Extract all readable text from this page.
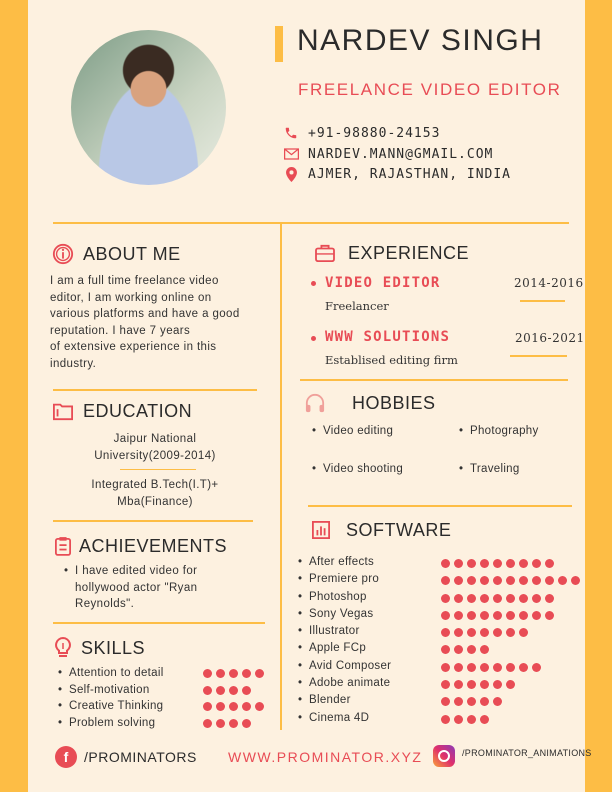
NARDEV SINGH
FREELANCE VIDEO EDITOR
+91-98880-24153
NARDEV.MANN@GMAIL.COM
AJMER, RAJASTHAN, INDIA
ABOUT ME
I am a full time freelance video
editor, I am working online on
various platforms and have a good
reputation. I have 7 years
of extensive experience in this
industry.
EDUCATION
Jaipur National
University(2009-2014)
Integrated B.Tech(I.T)+
Mba(Finance)
ACHIEVEMENTS
• I have edited video for
hollywood actor "Ryan
Reynolds".
SKILLS
• Attention to detail
• Self-motivation
• Creative Thinking
• Problem solving
EXPERIENCE
VIDEO EDITOR
Freelancer
2014-2016
WWW SOLUTIONS
Establised editing firm
2016-2021
HOBBIES
• Video editing	• Photography
• Video shooting	• Traveling
SOFTWARE
• After effects
• Premiere pro
• Photoshop
• Sony Vegas
• Illustrator
• Apple FCp
• Avid Composer
• Adobe animate
• Blender
• Cinema 4D
f	/PROMINATORS WWW.PROMINATOR.XYZ	/PROMINATOR_ANIMATIONS
